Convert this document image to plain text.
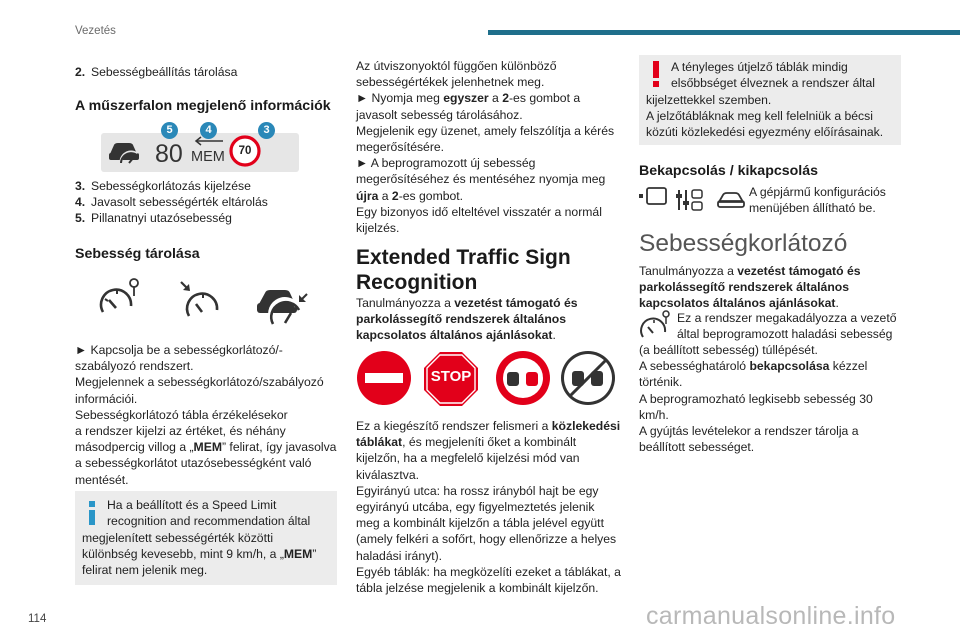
Vezetés
2. Sebességbeállítás tárolása
A műszerfalon megjelenő információk
80 MEM	70
5	4	3
3. Sebességkorlátozás kijelzése
4. Javasolt sebességérték eltárolás
5. Pillanatnyi utazósebesség
Sebesség tárolása
► Kapcsolja be a sebességkorlátozó/-
szabályozó rendszert.
Megjelennek a sebességkorlátozó/szabályozó
információi.
Sebességkorlátozó tábla érzékelésekor
a rendszer kijelzi az értéket, és néhány
másodpercig villog a „MEM” felirat, így javasolva
a sebességkorlátot utazósebességként való
mentését.
Ha a beállított és a Speed Limit
recognition and recommendation által
megjelenített sebességérték közötti
különbség kevesebb, mint 9 km/h, a „MEM”
felirat nem jelenik meg.
Az útviszonyoktól függően különböző
sebességértékek jelenhetnek meg.
► Nyomja meg egyszer a 2-es gombot a
javasolt sebesség tárolásához.
Megjelenik egy üzenet, amely felszólítja a kérés
megerősítésére.
► A beprogramozott új sebesség
megerősítéséhez és mentéséhez nyomja meg
újra a 2-es gombot.
Egy bizonyos idő elteltével visszatér a normál
kijelzés.
Extended Traffic Sign
Recognition
Tanulmányozza a vezetést támogató és
parkolássegítő rendszerek általános
kapcsolatos általános ajánlásokat.
STOP
Ez a kiegészítő rendszer felismeri a közlekedési
táblákat, és megjeleníti őket a kombinált
kijelzőn, ha a megfelelő kijelzési mód van
kiválasztva.
Egyirányú utca: ha rossz irányból hajt be egy
egyirányú utcába, egy figyelmeztetés jelenik
meg a kombinált kijelzőn a tábla jelével együtt
(amely felkéri a sofőrt, hogy ellenőrizze a helyes
haladási irányt).
Egyéb táblák: ha megközelíti ezeket a táblákat, a
tábla jelzése megjelenik a kombinált kijelzőn.
A tényleges útjelző táblák mindig
elsőbbséget élveznek a rendszer által
kijelzettekkel szemben.
A jelzőtábláknak meg kell felelniük a bécsi
közúti közlekedési egyezmény előírásainak.
Bekapcsolás / kikapcsolás
A gépjármű konfigurációs
menüjében állítható be.
Sebességkorlátozó
Tanulmányozza a vezetést támogató és
parkolássegítő rendszerek általános
kapcsolatos általános ajánlásokat.
Ez a rendszer megakadályozza a vezető
által beprogramozott haladási sebesség
(a beállított sebesség) túllépését.
A sebességhatároló bekapcsolása kézzel
történik.
A beprogramozható legkisebb sebesség 30
km/h.
A gyújtás levételekor a rendszer tárolja a
beállított sebességet.
114	carmanualsonline.info
